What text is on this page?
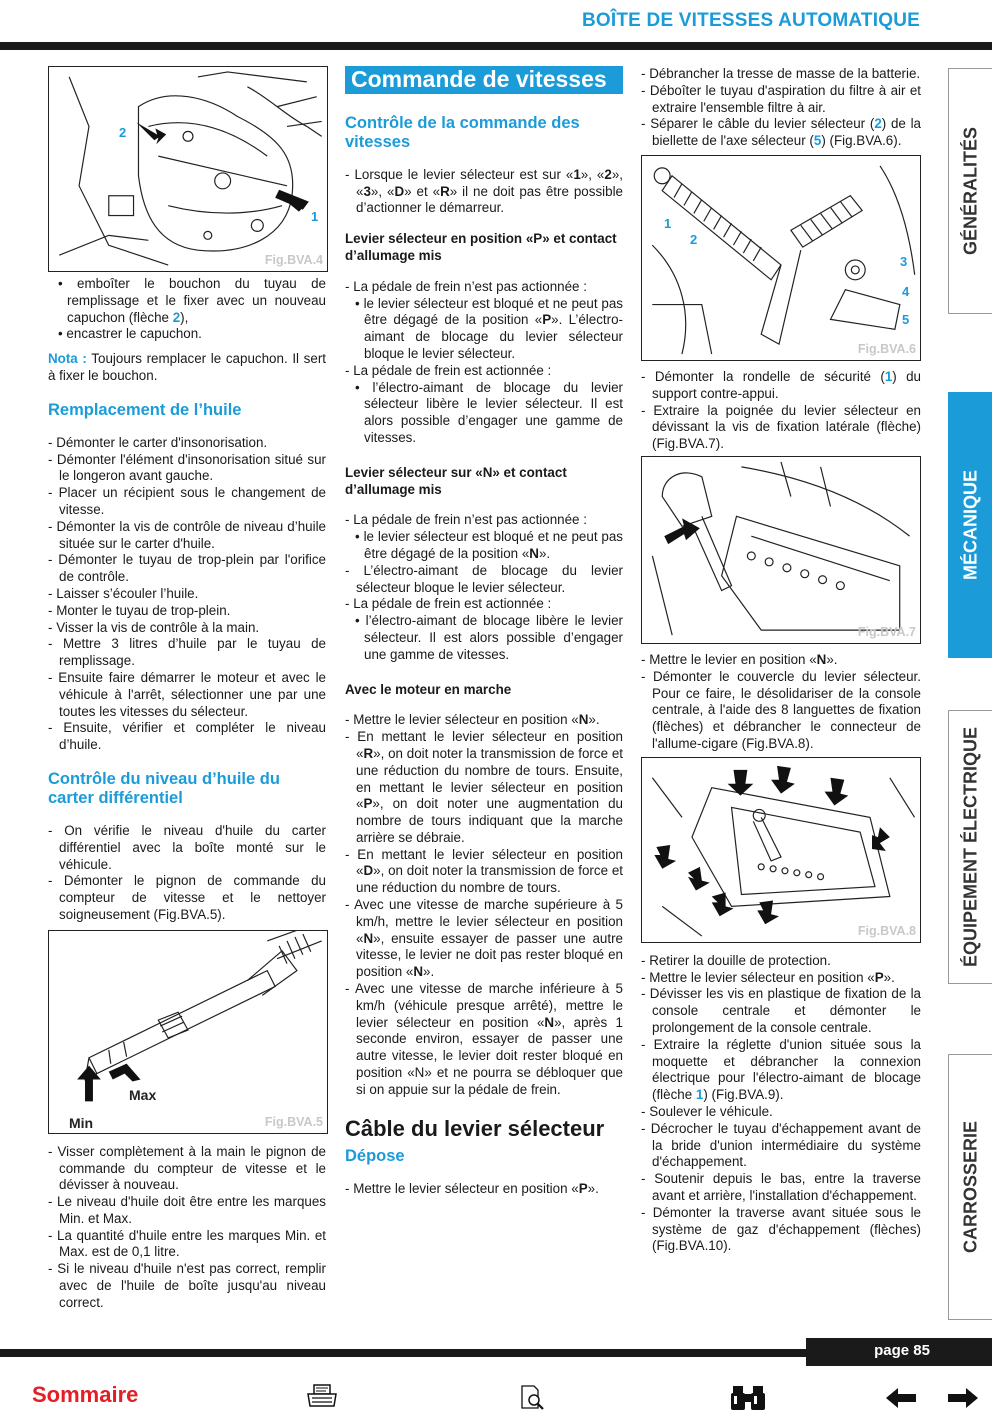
BOÎTE DE VITESSES AUTOMATIQUE
2
1
Fig.BVA.4
• emboîter le bouchon du tuyau de remplissage et le fixer avec un nouveau capuchon (flèche 2),
• encastrer le capuchon.

Nota : Toujours remplacer le capuchon. Il sert à fixer le bouchon.

Remplacement de l’huile
- Démonter le carter d'insonorisation.
- Démonter l'élément d'insonorisation situé sur le longeron avant gauche.
- Placer un récipient sous le changement de vitesse.
- Démonter la vis de contrôle de niveau d’huile située sur le carter d'huile.
- Démonter le tuyau de trop-plein par l'orifice de contrôle.
- Laisser s’écouler l’huile.
- Monter le tuyau de trop-plein.
- Visser la vis de contrôle à la main.
- Mettre 3 litres d’huile par le tuyau de remplissage.
- Ensuite faire démarrer le moteur et avec le véhicule à l'arrêt, sélectionner une par une toutes les vitesses du sélecteur.
- Ensuite, vérifier et compléter le niveau d’huile.
Contrôle du niveau d’huile du carter différentiel
- On vérifie le niveau d'huile du carter différentiel avec la boîte monté sur le véhicule.
- Démonter le pignon de commande du compteur de vitesse et le nettoyer soigneusement (Fig.BVA.5).
Max
Min	Fig.BVA.5
- Visser complètement à la main le pignon de commande du compteur de vitesse et le dévisser à nouveau.
- Le niveau d'huile doit être entre les marques Min. et Max.
- La quantité d'huile entre les marques Min. et Max. est de 0,1 litre.
- Si le niveau d'huile n'est pas correct, remplir avec de l'huile de boîte jusqu'au niveau correct.
Commande de vitesses
Contrôle de la commande des vitesses
- Lorsque le levier sélecteur est sur «1», «2», «3», «D» et «R» il ne doit pas être possible d’actionner le démarreur.
Levier sélecteur en position «P» et contact d’allumage mis
- La pédale de frein n’est pas actionnée :
• le levier sélecteur est bloqué et ne peut pas être dégagé de la position «P». L’électro-aimant de blocage du levier sélecteur bloque le levier sélecteur.
- La pédale de frein est actionnée :
• l’électro-aimant de blocage du levier sélecteur libère le levier sélecteur. Il est alors possible d’engager une gamme de vitesses.
Levier sélecteur sur «N» et contact d’allumage mis
- La pédale de frein n’est pas actionnée :
• le levier sélecteur est bloqué et ne peut pas être dégagé de la position «N».
- L’électro-aimant de blocage du levier sélecteur bloque le levier sélecteur.
- La pédale de frein est actionnée :
• l’électro-aimant de blocage libère le levier sélecteur. Il est alors possible d’engager une gamme de vitesses.
Avec le moteur en marche
- Mettre le levier sélecteur en position «N».
- En mettant le levier sélecteur en position «R», on doit noter la transmission de force et une réduction du nombre de tours. Ensuite, en mettant le levier sélecteur en position «P», on doit noter une augmentation du nombre de tours indiquant que la marche arrière se débraie.
- En mettant le levier sélecteur en position «D», on doit noter la transmission de force et une réduction du nombre de tours.
- Avec une vitesse de marche supérieure à 5 km/h, mettre le levier sélecteur en position «N», ensuite essayer de passer une autre vitesse, le levier ne doit pas rester bloqué en position «N».
- Avec une vitesse de marche inférieure à 5 km/h (véhicule presque arrêté), mettre le levier sélecteur en position «N», après 1 seconde environ, essayer de passer une autre vitesse, le levier doit rester bloqué en position «N» et ne pourra se débloquer que si on appuie sur la pédale de frein.
Câble du levier sélecteur
Dépose
- Mettre le levier sélecteur en position «P».
- Débrancher la tresse de masse de la batterie.
- Déboîter le tuyau d'aspiration du filtre à air et extraire l'ensemble filtre à air.
- Séparer le câble du levier sélecteur (2) de la biellette de l'axe sélecteur (5) (Fig.BVA.6).
1
2
3
4
5
Fig.BVA.6
- Démonter la rondelle de sécurité (1) du support contre-appui.
- Extraire la poignée du levier sélecteur en dévissant la vis de fixation latérale (flèche) (Fig.BVA.7).
Fig.BVA.7
- Mettre le levier en position «N».
- Démonter le couvercle du levier sélecteur. Pour ce faire, le désolidariser de la console centrale, à l'aide des 8 languettes de fixation (flèches) et débrancher le connecteur de l'allume-cigare (Fig.BVA.8).
Fig.BVA.8
- Retirer la douille de protection.
- Mettre le levier sélecteur en position «P».
- Dévisser les vis en plastique de fixation de la console centrale et démonter le prolongement de la console centrale.
- Extraire la réglette d'union située sous la moquette et débrancher la connexion électrique pour l'électro-aimant de blocage (flèche 1) (Fig.BVA.9).
- Soulever le véhicule.
- Décrocher le tuyau d'échappement avant de la bride d'union intermédiaire du système d'échappement.
- Soutenir depuis le bas, entre la traverse avant et arrière, l'installation d'échappement.
- Démonter la traverse avant située sous le système de gaz d'échappement (flèches) (Fig.BVA.10).
GÉNÉRALITÉS
MÉCANIQUE
ÉQUIPEMENT ÉLECTRIQUE
CARROSSERIE
page 85
Sommaire
